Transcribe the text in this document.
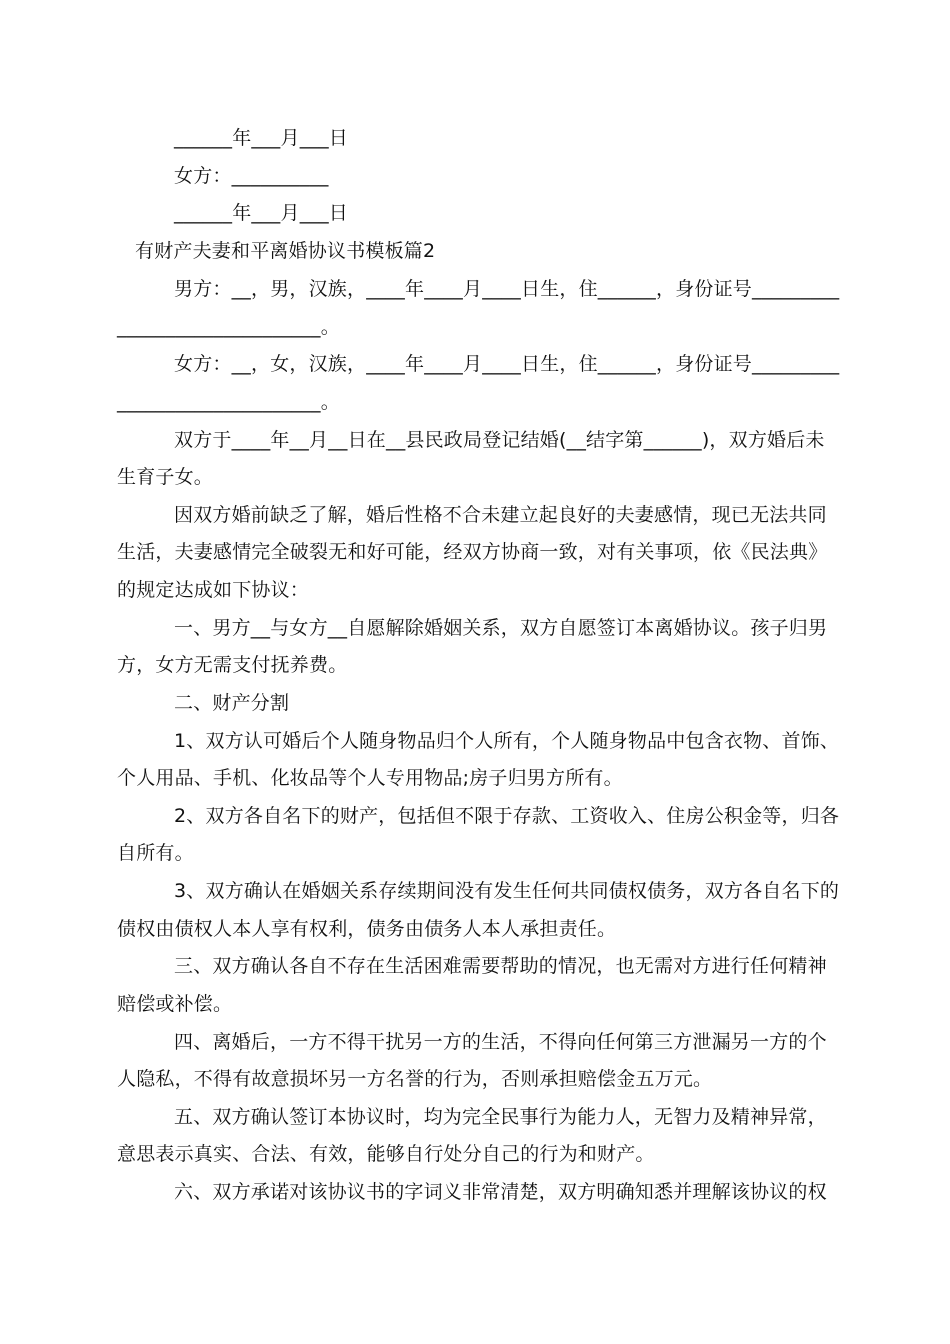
______年___月___日
女方：__________
______年___月___日
有财产夫妻和平离婚协议书模板篇2
男方：__，男，汉族，____年____月____日生，住______，身份证号_________
_____________________。
女方：__，女，汉族，____年____月____日生，住______，身份证号_________
_____________________。
双方于____年__月__日在__县民政局登记结婚(__结字第______)，双方婚后未
生育子女。
因双方婚前缺乏了解，婚后性格不合未建立起良好的夫妻感情，现已无法共同
生活，夫妻感情完全破裂无和好可能，经双方协商一致，对有关事项，依《民法典》
的规定达成如下协议：
一、男方__与女方__自愿解除婚姻关系，双方自愿签订本离婚协议。孩子归男
方，女方无需支付抚养费。
二、财产分割
1、双方认可婚后个人随身物品归个人所有，个人随身物品中包含衣物、首饰、
个人用品、手机、化妆品等个人专用物品;房子归男方所有。
2、双方各自名下的财产，包括但不限于存款、工资收入、住房公积金等，归各
自所有。
3、双方确认在婚姻关系存续期间没有发生任何共同债权债务，双方各自名下的
债权由债权人本人享有权利，债务由债务人本人承担责任。
三、双方确认各自不存在生活困难需要帮助的情况，也无需对方进行任何精神
赔偿或补偿。
四、离婚后，一方不得干扰另一方的生活，不得向任何第三方泄漏另一方的个
人隐私，不得有故意损坏另一方名誉的行为，否则承担赔偿金五万元。
五、双方确认签订本协议时，均为完全民事行为能力人，无智力及精神异常，
意思表示真实、合法、有效，能够自行处分自己的行为和财产。
六、双方承诺对该协议书的字词义非常清楚，双方明确知悉并理解该协议的权
